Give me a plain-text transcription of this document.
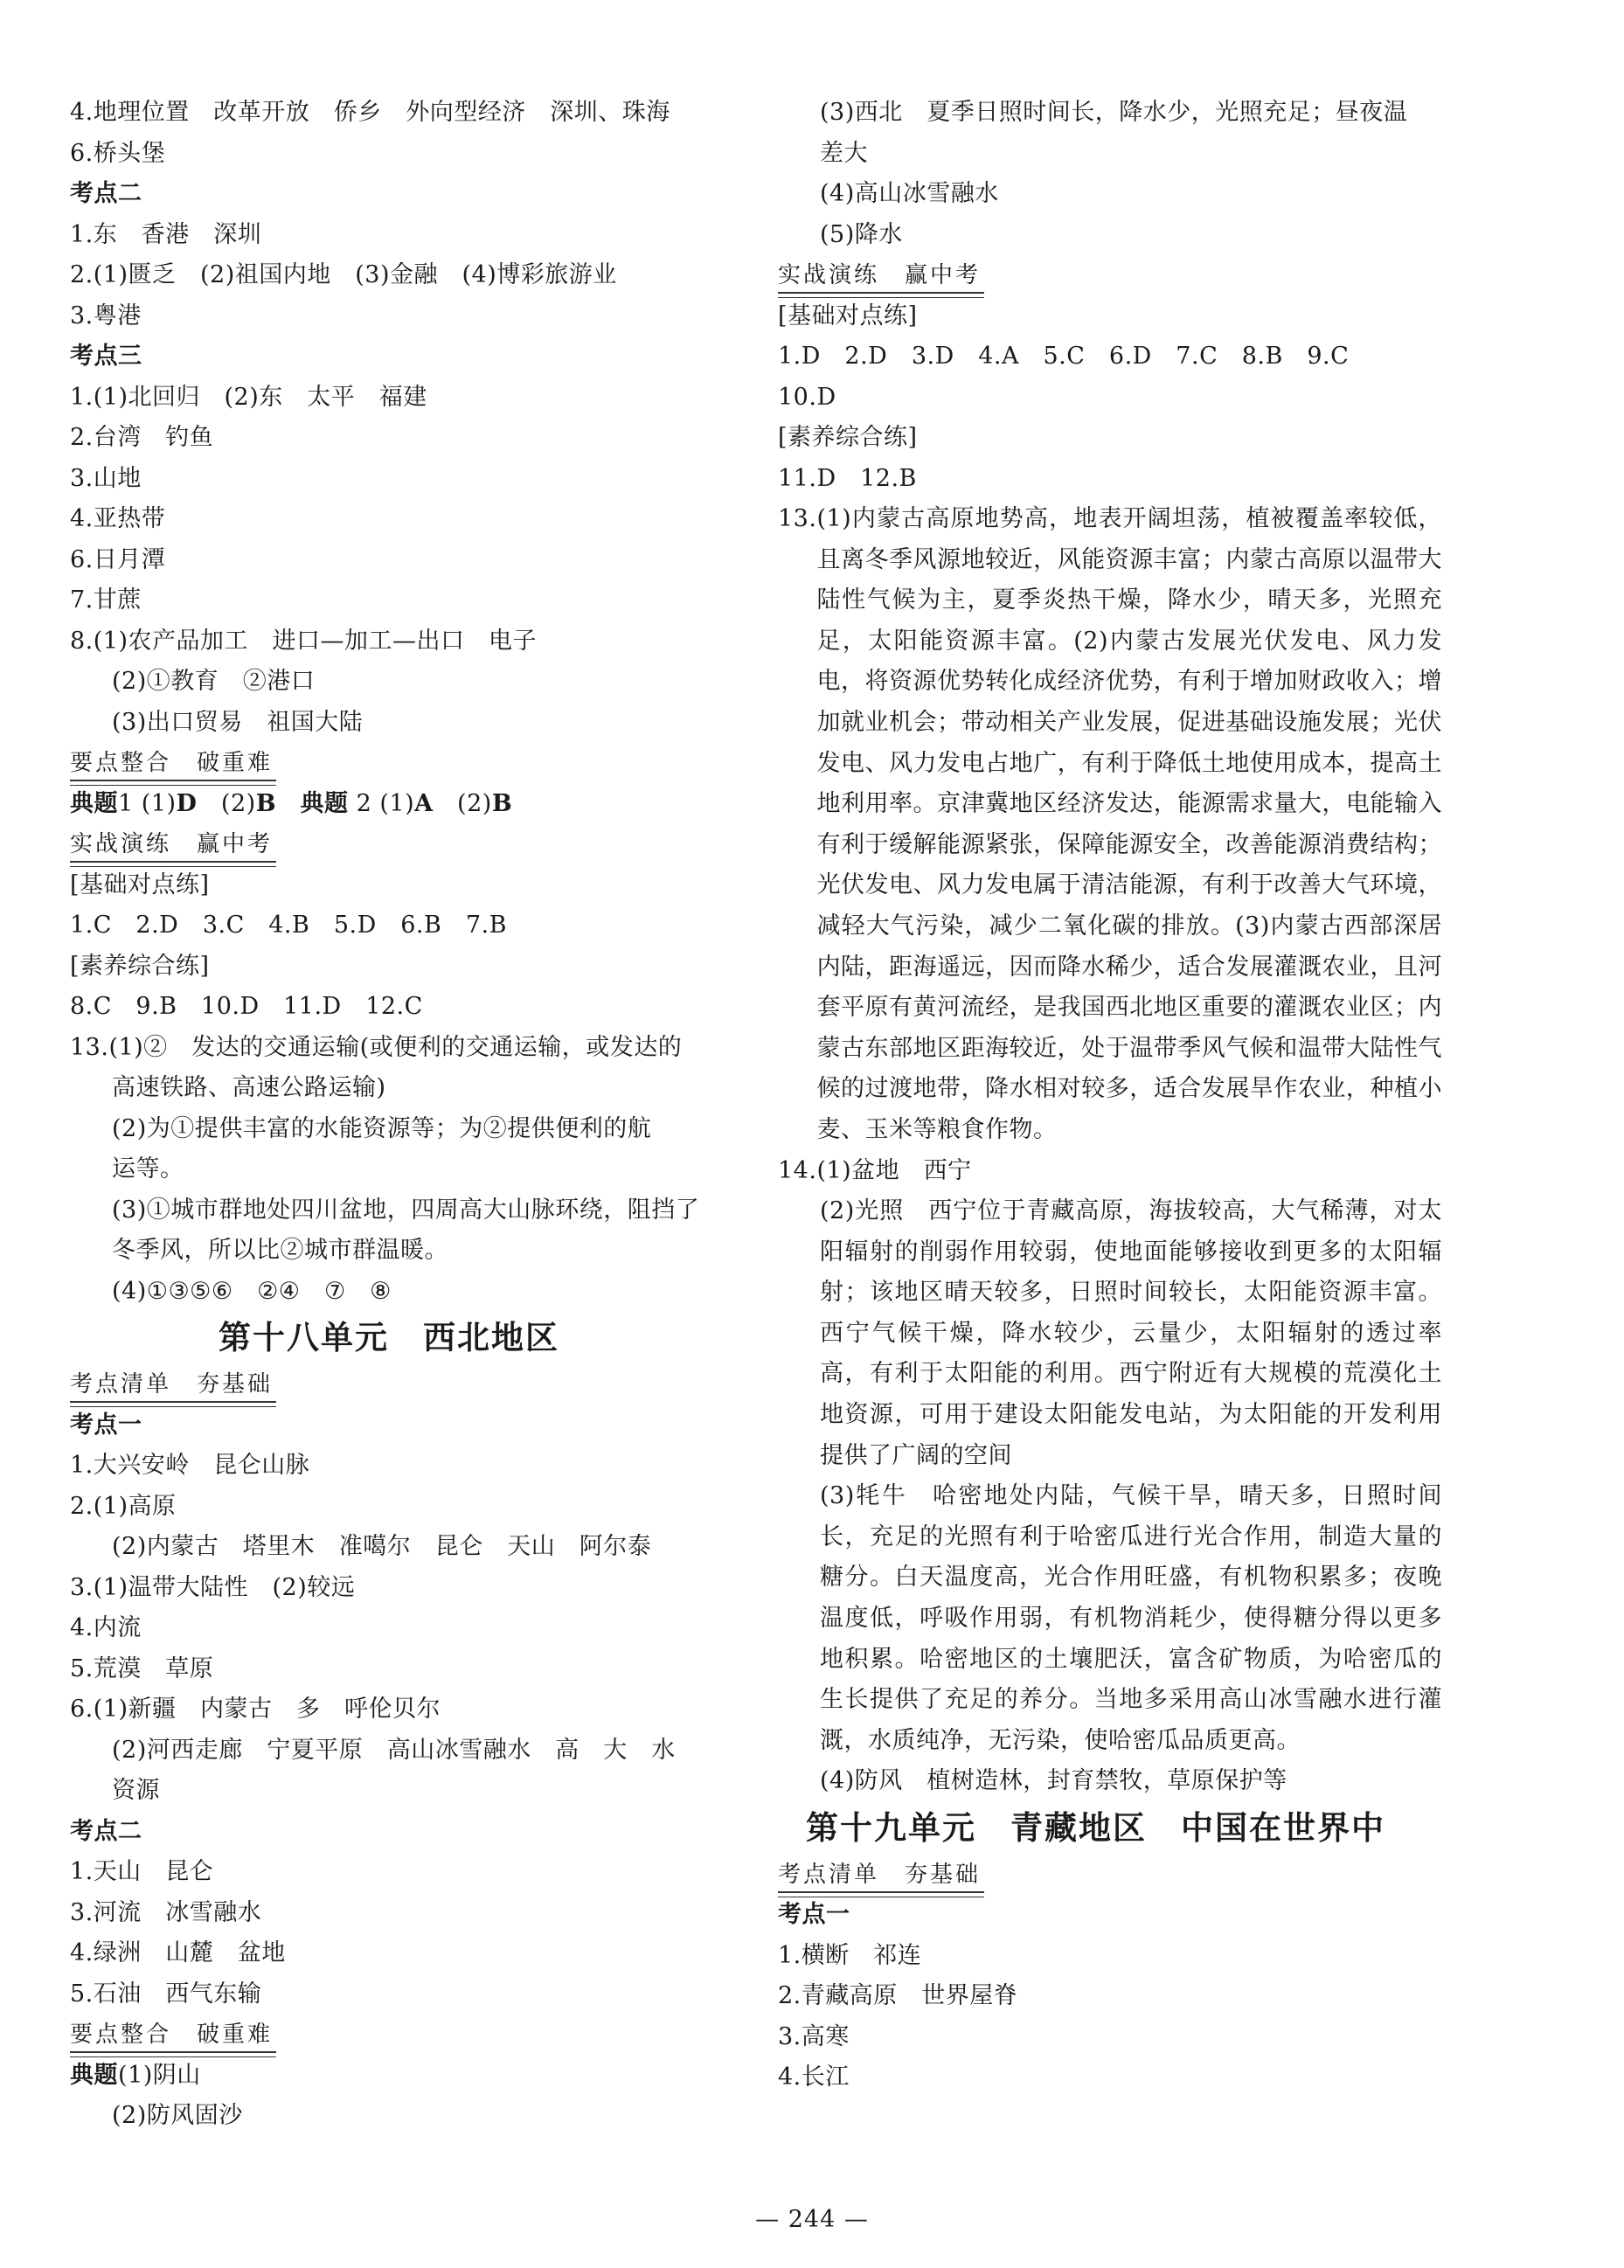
4.地理位置　改革开放　侨乡　外向型经济　深圳、珠海
6.桥头堡
考点二
1.东　香港　深圳
2.(1)匮乏　(2)祖国内地　(3)金融　(4)博彩旅游业
3.粤港
考点三
1.(1)北回归　(2)东　太平　福建
2.台湾　钓鱼
3.山地
4.亚热带
6.日月潭
7.甘蔗
8.(1)农产品加工　进口—加工—出口　电子
(2)①教育　②港口
(3)出口贸易　祖国大陆
要点整合　破重难
典题1 (1)D　(2)B　典题 2 (1)A　(2)B
实战演练　赢中考
[基础对点练]
1.C　2.D　3.C　4.B　5.D　6.B　7.B
[素养综合练]
8.C　9.B　10.D　11.D　12.C
13.(1)②　发达的交通运输(或便利的交通运输，或发达的
高速铁路、高速公路运输)
(2)为①提供丰富的水能资源等；为②提供便利的航
运等。
(3)①城市群地处四川盆地，四周高大山脉环绕，阻挡了
冬季风，所以比②城市群温暖。
(4)①③⑤⑥　②④　⑦　⑧
第十八单元　西北地区
考点清单　夯基础
考点一
1.大兴安岭　昆仑山脉
2.(1)高原
(2)内蒙古　塔里木　准噶尔　昆仑　天山　阿尔泰
3.(1)温带大陆性　(2)较远
4.内流
5.荒漠　草原
6.(1)新疆　内蒙古　多　呼伦贝尔
(2)河西走廊　宁夏平原　高山冰雪融水　高　大　水
资源
考点二
1.天山　昆仑
3.河流　冰雪融水
4.绿洲　山麓　盆地
5.石油　西气东输
要点整合　破重难
典题(1)阴山
(2)防风固沙
(3)西北　夏季日照时间长，降水少，光照充足；昼夜温
差大
(4)高山冰雪融水
(5)降水
实战演练　赢中考
[基础对点练]
1.D　2.D　3.D　4.A　5.C　6.D　7.C　8.B　9.C
10.D
[素养综合练]
11.D　12.B
13. (1)内蒙古高原地势高，地表开阔坦荡，植被覆盖率较低，且离冬季风源地较近，风能资源丰富；内蒙古高原以温带大陆性气候为主，夏季炎热干燥，降水少，晴天多，光照充足，太阳能资源丰富。(2)内蒙古发展光伏发电、风力发电，将资源优势转化成经济优势，有利于增加财政收入；增加就业机会；带动相关产业发展，促进基础设施发展；光伏发电、风力发电占地广，有利于降低土地使用成本，提高土地利用率。京津冀地区经济发达，能源需求量大，电能输入有利于缓解能源紧张，保障能源安全，改善能源消费结构；光伏发电、风力发电属于清洁能源，有利于改善大气环境，减轻大气污染，减少二氧化碳的排放。(3)内蒙古西部深居内陆，距海遥远，因而降水稀少，适合发展灌溉农业，且河套平原有黄河流经，是我国西北地区重要的灌溉农业区；内蒙古东部地区距海较近，处于温带季风气候和温带大陆性气候的过渡地带，降水相对较多，适合发展旱作农业，种植小麦、玉米等粮食作物。
14.(1)盆地　西宁
(2)光照　西宁位于青藏高原，海拔较高，大气稀薄，对太阳辐射的削弱作用较弱，使地面能够接收到更多的太阳辐射；该地区晴天较多，日照时间较长，太阳能资源丰富。西宁气候干燥，降水较少，云量少，太阳辐射的透过率高，有利于太阳能的利用。西宁附近有大规模的荒漠化土地资源，可用于建设太阳能发电站，为太阳能的开发利用提供了广阔的空间
(3)牦牛　哈密地处内陆，气候干旱，晴天多，日照时间长，充足的光照有利于哈密瓜进行光合作用，制造大量的糖分。白天温度高，光合作用旺盛，有机物积累多；夜晚温度低，呼吸作用弱，有机物消耗少，使得糖分得以更多地积累。哈密地区的土壤肥沃，富含矿物质，为哈密瓜的生长提供了充足的养分。当地多采用高山冰雪融水进行灌溉，水质纯净，无污染，使哈密瓜品质更高。
(4)防风　植树造林，封育禁牧，草原保护等
第十九单元　青藏地区　中国在世界中
考点清单　夯基础
考点一
1.横断　祁连
2.青藏高原　世界屋脊
3.高寒
4.长江
— 244 —
